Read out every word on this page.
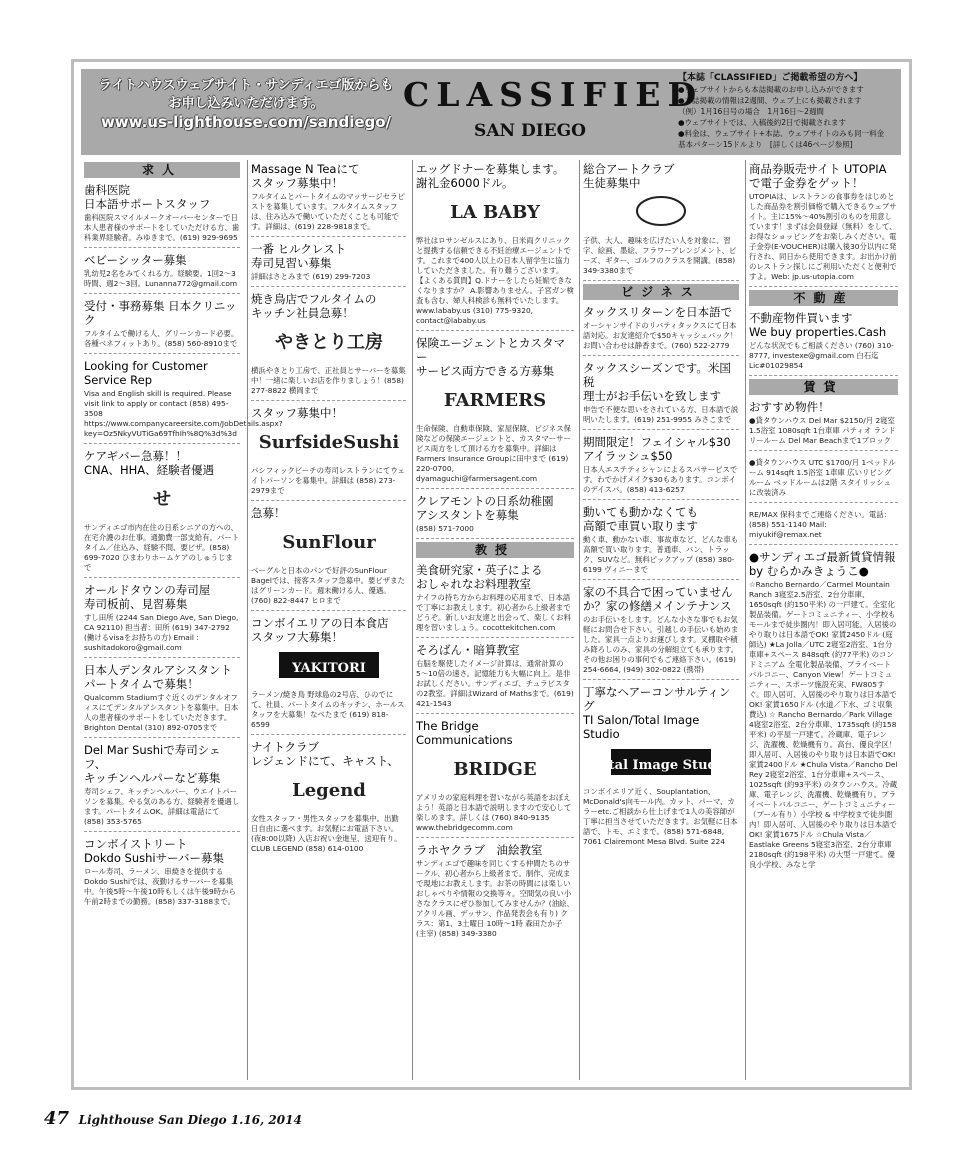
ライトハウスウェブサイト・サンディエゴ版からも
お申し込みいただけます。
www.us-lighthouse.com/sandiego/
CLASSIFIED
SAN DIEGO
【本誌「CLASSIFIED」ご掲載希望の方へ】
●ウェブサイトからも本誌掲載のお申し込みができます
●本誌掲載の情報は2週間、ウェブ上にも掲載されます
（例）1月16日号の場合　1月16日〜2週間
●ウェブサイトでは、入稿後約2日で掲載されます
●料金は、ウェブサイト+本誌、ウェブサイトのみも同一料金
基本パターン15ドルより　[詳しくは46ページ参照]
求人
歯科医院
日本語サポートスタッフ
歯科医院スマイルメークオーバーセンターで日本人患者様のサポートをしていただける方、歯科業界経験者。みゆきまで。(619) 929-9695
ベビーシッター募集
乳幼児2名をみてくれる方。経験要。1回2〜3時間、週2〜3回。Lunanna772@gmail.com
受付・事務募集 日本クリニック
フルタイムで働ける人、グリーンカード必要。各種ベネフィットあり。(858) 560-8910まで
Looking for Customer
Service Rep
Visa and English skill is required. Please visit link to apply or contact (858) 495-3508 https://www.companycareersite.com/JobDetails.aspx?key=Oz5NkyVUTiGa69TfhIh%8Q%3d%3d
ケアギバー急募！！
CNA、HHA、経験者優遇
せ
サンディエゴ市内在住の日系シニアの方への、在宅介護のお仕事。通勤費一部支給有。パートタイム／住込み、経験不問、要ビザ。(858) 699-7020 ひまわりホームケアのしゅうじまで
オールドタウンの寿司屋
寿司板前、見習募集
すし田所 (2244 San Diego Ave, San Diego, CA 92110) 担当者：田所 (619) 347-2792 (働けるvisaをお持ちの方) Email : sushitadokoro@gmail.com
日本人デンタルアシスタント
パートタイムで募集！
Qualcomm Stadiumすぐ近くのデンタルオフィスにてデンタルアシスタントを募集中。日本人の患者様のサポートをしていただきます。Brighton Dental (310) 892-0705まで
Del Mar Sushiで寿司シェフ、
キッチンヘルパーなど募集
寿司シェフ、キッチンヘルパー、ウエイトパーソンを募集。やる気のある方、経験者を優遇します。パートタイムOK。詳細は電話にて (858) 353-5765
コンボイストリート
Dokdo Sushiサーバー募集
ロール寿司、ラーメン、串焼きを提供するDokdo Sushiでは、夜勤けるサーバーを募集中。午後5時〜午後10時もしくは午後9時から午前2時までの勤務。(858) 337-3188まで。
Massage N Teaにて
スタッフ募集中！
フルタイムとパートタイムのマッサージセラピストを募集しています。フルタイムスタッフは、住み込みで働いていただくことも可能です。詳細は、(619) 228-9818まで。
一番 ヒルクレスト
寿司見習い募集
詳細はさとみまで (619) 299-7203
焼き鳥店でフルタイムの
キッチン社員急募！
やきとり工房
横浜やきとり工房で、正社員とサーバーを募集中！一緒に楽しいお店を作りましょう！(858) 277-8822 横岡まで
スタッフ募集中！
SurfsideSushi
パシフィックビーチの寿司レストランにてウェイトパーソンを募集中。詳細は (858) 273-2979まで
急募！
SunFlour
ベーグルと日本のパンで好評のSunFlour Bagelでは、接客スタッフ急募中。要ビザまたはグリーンカード。週末働ける人、優遇。(760) 822-8447 ヒロまで
コンボイエリアの日本食店
スタッフ大募集！
YAKITORI
ラーメン/焼き鳥 野球島の2号店、ひのでにて、社員、パートタイムのキッチン、ホールスタッフを大募集！なべたまで (619) 818-6599
ナイトクラブ
レジェンドにて、キャスト、
Legend
女性スタッフ・男性スタッフを募集中。出勤日自由に選べます。お気軽にお電話下さい。(夜8:00以降) 入店お祝い金進呈、送迎有り。CLUB LEGEND (858) 614-0100
エッグドナーを募集します。
謝礼金6000ドル。
LA BABY
弊社はロサンゼルスにあり、日米両クリニックと提携する信頼できる不妊治療エージェントです。これまで400人以上の日本人留学生に協力していただきました。有り難うございます。【よくある質問】Q.ドナーをしたら妊娠できなくなりますか？ A.影響ありません。子宮ガン検査も含む、婦人科検診も無料でいたします。www.lababy.us (310) 775-9320, contact@lababy.us
保険エージェントとカスタマー
サービス両方できる方募集
FARMERS
生命保険、自動車保険、家屋保険、ビジネス保険などの保険エージェントと、カスタマーサービス両方をして頂ける方を募集中。詳細はFarmers Insurance Groupに田中まで (619) 220-0700, dyamaguchi@farmersagent.com
クレアモントの日系幼稚園
アシスタントを募集
(858) 571-7000
教授
美食研究家・英子による
おしゃれなお料理教室
ナイフの持ち方からお料理の応用まで、日本語で丁寧にお教えします。初心者から上級者までどうぞ。新しいお友達と出会って、楽しくお料理を習いましょう。cocottekitchen.com
そろばん・暗算教室
右脳を駆使したイメージ計算は、通常計算の5〜10倍の速さ。記憶能力も大幅に向上。是非お試しください。サンディエゴ、チュラビスタの2教室。詳細はWizard of Mathsまで。(619) 421-1543
The Bridge
Communications
BRIDGE
アメリカの家庭料理を習いながら英語をおぼえよう！英語と日本語で説明しますので安心して楽しめます。詳しくは (760) 840-9135 www.thebridgecomm.com
ラホヤクラブ　油絵教室
サンディエゴで趣味を同じくする仲間たちのサークル、初心者から上級者まで。制作、完成まで現地にお教えします。お茶の時間には楽しいおしゃべりや情報の交換等々。空間気の良い小さなクラスにぜひ参加してみませんか？(油絵、アクリル画、デッサン、作品発表会も有り) クラス：第1、3土曜日 10時〜1時 森田たか子 (主宰) (858) 349-3380
総合アートクラブ
生徒募集中
子供、大人、趣味を広げたい人を対象に、習字、絵画、墨絵、フラワーアレンジメント、ビーズ、ギター、ゴルフのクラスを開講。(858) 349-3380まで
ビジネス
タックスリターンを日本語で
オーシャンサイドのリバティタックスにて日本語対応。お友達紹介で$50キャッシュバック！お問い合わせは静香まで。(760) 522-2779
タックスシーズンです。米国税
理士がお手伝いを致します
申告で不便な思いをされている方、日本語で説明いたします。(619) 251-9955 みさこまで
期間限定！フェイシャル$30
アイラッシュ$50
日本人エステティシャンによるスパサービスです。わでかげメイク$30もあります。コンボイのデイスパ。(858) 413-6257
動いても動かなくても
高額で車買い取ります
動く車、動かない車、事故車など、どんな車も高額で買い取ります。普通車、バン、トラック、SUVなど。無料ピックアップ (858) 380-6199 ヴィニーまで
家の不具合で困っていません
か？家の修繕メインテナンス
のお手伝いをします。どんな小さな事でもお気軽にお問合せ下さい。引越しの手伝いも始めました。家具一点よりお運びします。叉棚取や積み降ろしのみ、家具の分解組立ても承ります。その他お困りの事何でもご連絡下さい。(619) 254-6664, (949) 302-0822 (携帯)
丁寧なヘアーコンサルティング
TI Salon/Total Image Studio
Total Image Studio
コンボイエリア近く、Souplantation、McDonald's向モール内。カット、パーマ、カラーetc.ご相談から仕上げまで1人の美容師が丁寧に担当させていただきます。お気軽に日本語で、トモ、エミまで。(858) 571-6848, 7061 Clairemont Mesa Blvd. Suite 224
商品券販売サイト UTOPIA
で電子金券をゲット！
UTOPIAは、レストランの食事券をはじめとした商品券を割引価格で購入できるウェブサイト。主に15%〜40%割引のものを用意しています！まずは会員登録（無料）をして、お得なショッピングをお楽しみください。電子金券(E-VOUCHER)は購入後30分以内に発行され、同日から使用できます。お出かけ前のレストラン探しにご利用いただくと便利ですよ。Web: jp.us-utopia.com
不動産
不動産物件買います
We buy properties.Cash
どんな状況でもご相談ください (760) 310-8777, investexe@gmail.com 白石迄 Lic#01029854
賃貸
おすすめ物件！
●貸タウンハウス Del Mar $2150/月 2寝室 1.5浴室 1080sqft 1台車庫 パティオ ランドリールーム Del Mar Beachまで1ブロック
●貸タウンハウス UTC $1700/月 1ベッドルーム 914sqft 1.5浴室 1車庫 広いリビングルーム ベッドルームは2階 スタイリッシュに改装済み
RE/MAX 保科までご連絡ください。電話：(858) 551-1140 Mail: miyukif@remax.net
●サンディエゴ最新賃貸情報
by むらかみきょうこ●
☆Rancho Bernardo／Carmel Mountain Ranch 3寝室2.5浴室、2台分車庫、1650sqft (約150平米) の一戸建て。全室化製品装備。ゲートコミュニティー、小学校もモールまで徒歩圏内！即入居可能。入居後のやり取りは日本語でOK! 家賃2450ドル (庭師込) ★La Jolla／UTC 2寝室2浴室、1台分車庫+スペース 848sqft (約77平米) のコンドミニアム 全電化製品装備、プライベートバルコニー、Canyon View！ゲートコミュニティー、スポーツ施設充実、FW805すぐ。即入居可、入居後のやり取りは日本語でOK! 家賃1650ドル (水道／下水、ゴミ収集費込) ☆ Rancho Bernardo／Park Village 4寝室2浴室、2台分車庫、1735sqft (約158平米) の平屋一戸建て。冷蔵庫、電子レンジ、洗濯機、乾燥機有り。高台、優良学区！即入居可、入居後のやり取りは日本語でOK! 家賃2400ドル ★Chula Vista／Rancho Del Rey 2寝室2浴室、1台分車庫+スペース、1025sqft (約93平米) のタウンハウス。冷蔵庫、電子レンジ、洗濯機、乾燥機有り。プライベートバルコニー、ゲートコミュニティー（プール有り）小学校 & 中学校まで徒歩圏内！即入居可、入居後のやり取りは日本語でOK! 家賃1675ドル ☆Chula Vista／Eastlake Greens 5寝室3浴室、2台分車庫 2180sqft (約198平米) の大型一戸建て。優良小学校、みなと学
47 Lighthouse San Diego 1.16, 2014
